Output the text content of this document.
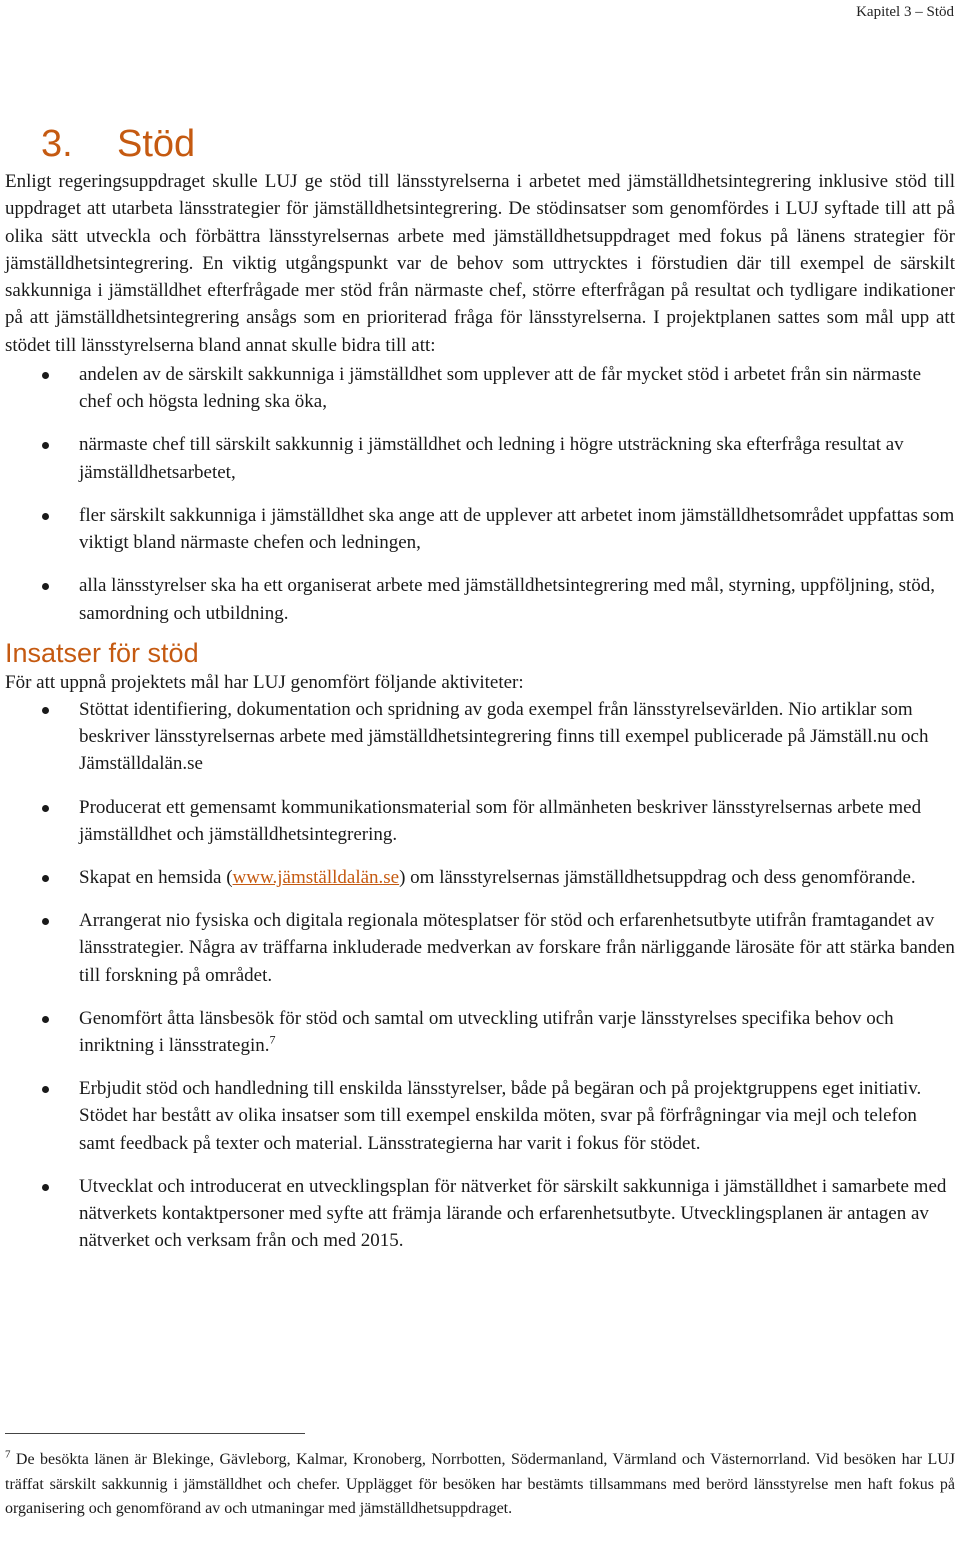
Kapitel 3 – Stöd
3. Stöd

Enligt regeringsuppdraget skulle LUJ ge stöd till länsstyrelserna i arbetet med jämställdhetsintegrering inklusive stöd till uppdraget att utarbeta länsstrategier för jämställdhetsintegrering. De stödinsatser som genomfördes i LUJ syftade till att på olika sätt utveckla och förbättra länsstyrelsernas arbete med jämställdhetsuppdraget med fokus på länens strategier för jämställdhetsintegrering. En viktig utgångspunkt var de behov som uttrycktes i förstudien där till exempel de särskilt sakkunniga i jämställdhet efterfrågade mer stöd från närmaste chef, större efterfrågan på resultat och tydligare indikationer på att jämställdhetsintegrering ansågs som en prioriterad fråga för länsstyrelserna. I projektplanen sattes som mål upp att stödet till länsstyrelserna bland annat skulle bidra till att:

andelen av de särskilt sakkunniga i jämställdhet som upplever att de får mycket stöd i arbetet från sin närmaste chef och högsta ledning ska öka,
närmaste chef till särskilt sakkunnig i jämställdhet och ledning i högre utsträckning ska efterfråga resultat av jämställdhetsarbetet,
fler särskilt sakkunniga i jämställdhet ska ange att de upplever att arbetet inom jämställdhetsområdet uppfattas som viktigt bland närmaste chefen och ledningen,
alla länsstyrelser ska ha ett organiserat arbete med jämställdhetsintegrering med mål, styrning, uppföljning, stöd, samordning och utbildning.
Insatser för stöd

För att uppnå projektets mål har LUJ genomfört följande aktiviteter:

Stöttat identifiering, dokumentation och spridning av goda exempel från länsstyrelsevärlden. Nio artiklar som beskriver länsstyrelsernas arbete med jämställdhetsintegrering finns till exempel publicerade på Jämställ.nu och Jämställdalän.se
Producerat ett gemensamt kommunikationsmaterial som för allmänheten beskriver länsstyrelsernas arbete med jämställdhet och jämställdhetsintegrering.
Skapat en hemsida (www.jämställdalän.se) om länsstyrelsernas jämställdhetsuppdrag och dess genomförande.
Arrangerat nio fysiska och digitala regionala mötesplatser för stöd och erfarenhetsutbyte utifrån framtagandet av länsstrategier. Några av träffarna inkluderade medverkan av forskare från närliggande lärosäte för att stärka banden till forskning på området.
Genomfört åtta länsbesök för stöd och samtal om utveckling utifrån varje länsstyrelses specifika behov och inriktning i länsstrategin.$^7$
Erbjudit stöd och handledning till enskilda länsstyrelser, både på begäran och på projektgruppens eget initiativ. Stödet har bestått av olika insatser som till exempel enskilda möten, svar på förfrågningar via mejl och telefon samt feedback på texter och material. Länsstrategierna har varit i fokus för stödet.
Utvecklat och introducerat en utvecklingsplan för nätverket för särskilt sakkunniga i jämställdhet i samarbete med nätverkets kontaktpersoner med syfte att främja lärande och erfarenhetsutbyte. Utvecklingsplanen är antagen av nätverket och verksam från och med 2015.
$^7$ De besökta länen är Blekinge, Gävleborg, Kalmar, Kronoberg, Norrbotten, Södermanland, Värmland och Västernorrland. Vid besöken har LUJ träffat särskilt sakkunnig i jämställdhet och chefer. Upplägget för besöken har bestämts tillsammans med berörd länsstyrelse men haft fokus på organisering och genomförand av och utmaningar med jämställdhetsuppdraget.
